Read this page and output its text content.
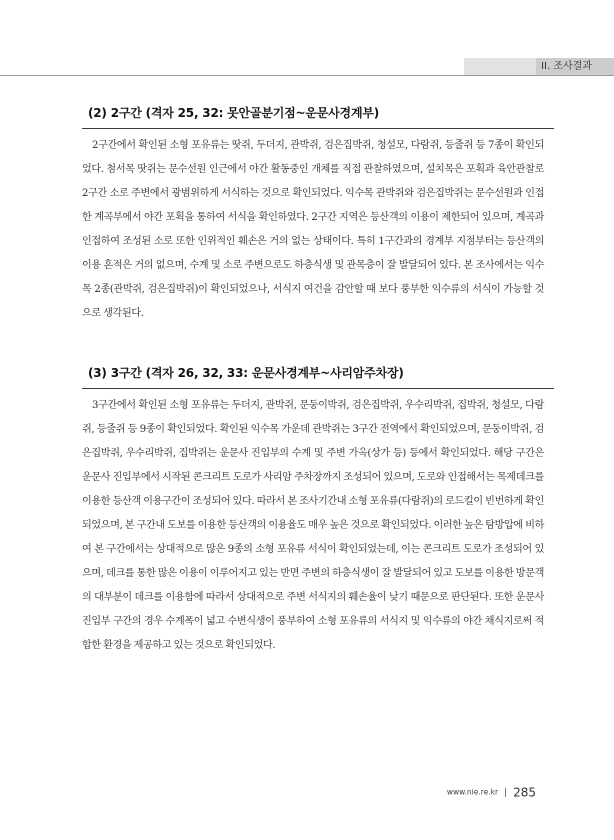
II. 조사결과
(2) 2구간 (격자 25, 32: 못안골분기점~운문사경계부)

2구간에서 확인된 소형 포유류는 땃쥐, 두더지, 관박쥐, 검은집박쥐, 청설모, 다람쥐, 등줄쥐 등 7종이 확인되었다. 첨서목 땃쥐는 문수선원 인근에서 야간 활동중인 개체를 직접 관찰하였으며, 설치목은 포획과 육안관찰로 2구간 소로 주변에서 광범위하게 서식하는 것으로 확인되었다. 익수목 관박쥐와 검은집박쥐는 문수선원과 인접한 계곡부에서 야간 포획을 통하여 서식을 확인하였다. 2구간 지역은 등산객의 이용이 제한되어 있으며, 계곡과 인접하여 조성된 소로 또한 인위적인 훼손은 거의 없는 상태이다. 특히 1구간과의 경계부 지점부터는 등산객의 이용 흔적은 거의 없으며, 수계 및 소로 주변으로도 하층식생 및 관목층이 잘 발달되어 있다. 본 조사에서는 익수목 2종(관박쥐, 검은집박쥐)이 확인되었으나, 서식지 여건을 감안할 때 보다 풍부한 익수류의 서식이 가능할 것으로 생각된다.

(3) 3구간 (격자 26, 32, 33: 운문사경계부~사리암주차장)

3구간에서 확인된 소형 포유류는 두더지, 관박쥐, 문둥이박쥐, 검은집박쥐, 우수리박쥐, 집박쥐, 청설모, 다람쥐, 등줄쥐 등 9종이 확인되었다. 확인된 익수목 가운데 관박쥐는 3구간 전역에서 확인되었으며, 문둥이박쥐, 검은집박쥐, 우수리박쥐, 집박쥐는 운문사 진입부의 수계 및 주변 가옥(상가 등) 등에서 확인되었다. 해당 구간은 운문사 진입부에서 시작된 콘크리트 도로가 사리암 주차장까지 조성되어 있으며, 도로와 인접해서는 목제데크를 이용한 등산객 이용구간이 조성되어 있다. 따라서 본 조사기간내 소형 포유류(다람쥐)의 로드킬이 빈번하게 확인되었으며, 본 구간내 도보를 이용한 등산객의 이용율도 매우 높은 것으로 확인되었다. 이러한 높은 탐방압에 비하여 본 구간에서는 상대적으로 많은 9종의 소형 포유류 서식이 확인되었는데, 이는 콘크리트 도로가 조성되어 있으며, 데크를 통한 많은 이용이 이루어지고 있는 반면 주변의 하층식생이 잘 발달되어 있고 도보를 이용한 방문객의 대부분이 데크를 이용함에 따라서 상대적으로 주변 서식지의 훼손율이 낮기 때문으로 판단된다. 또한 운문사 진입부 구간의 경우 수계폭이 넓고 수변식생이 풍부하여 소형 포유류의 서식지 및 익수류의 야간 채식지로써 적합한 환경을 제공하고 있는 것으로 확인되었다.

www.nie.re.kr 285
